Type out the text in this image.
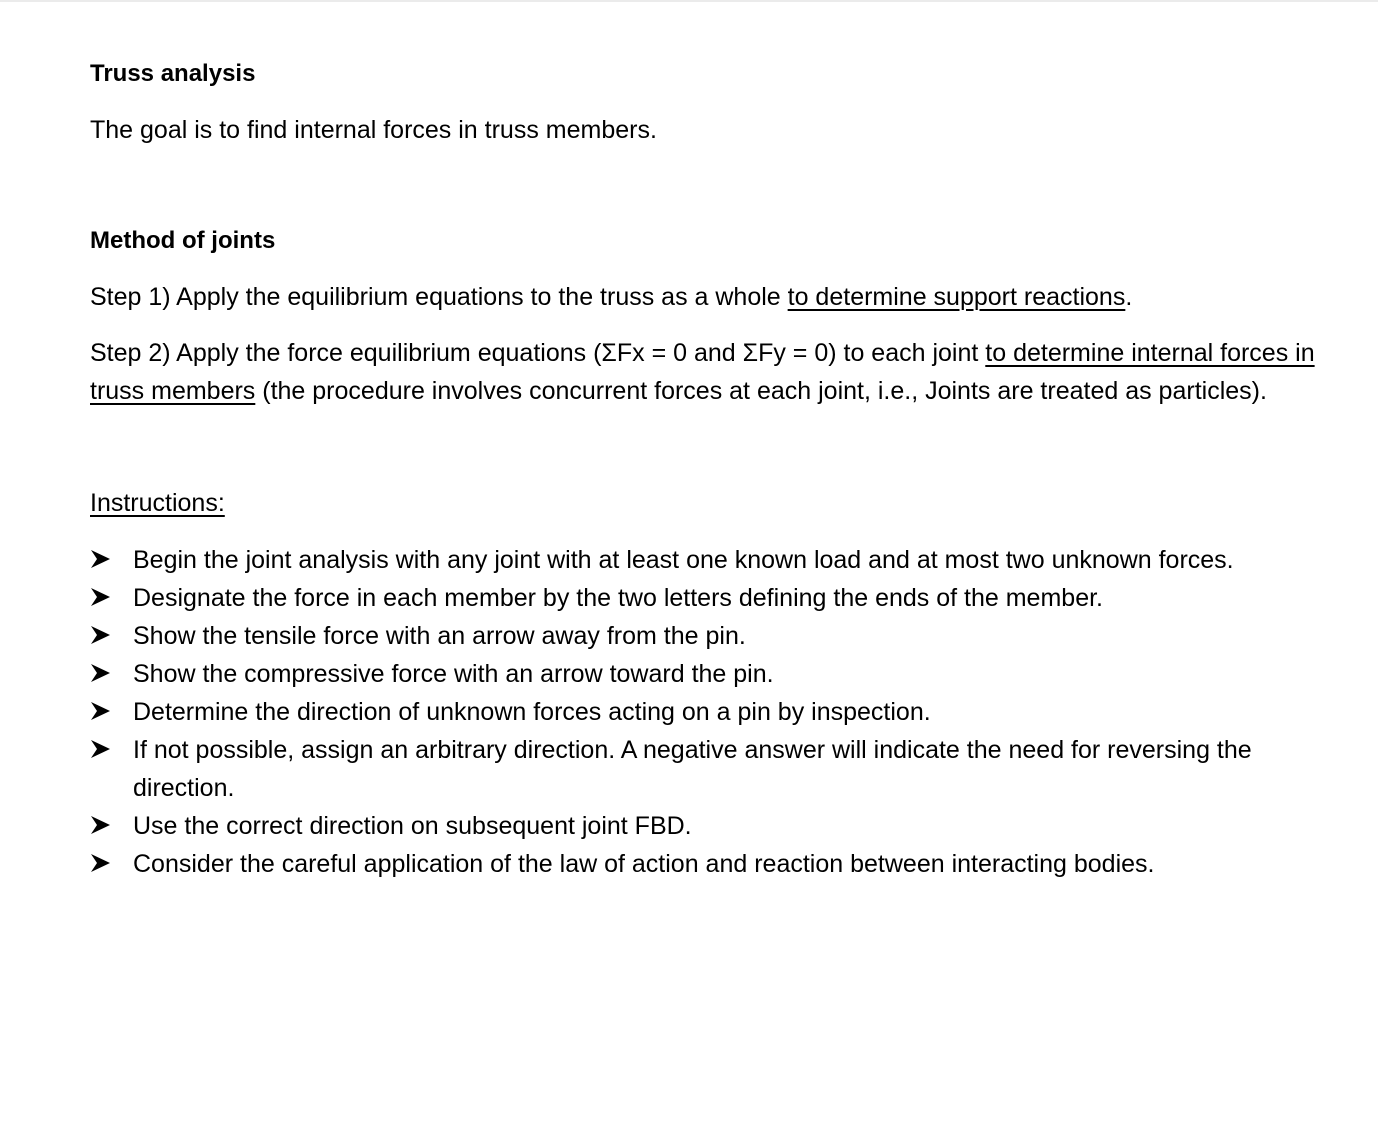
Truss analysis

The goal is to find internal forces in truss members.

Method of joints

Step 1) Apply the equilibrium equations to the truss as a whole to determine support reactions.

Step 2) Apply the force equilibrium equations (ΣFx = 0 and ΣFy = 0) to each joint to determine internal forces in truss members (the procedure involves concurrent forces at each joint, i.e., Joints are treated as particles).

Instructions:

Begin the joint analysis with any joint with at least one known load and at most two unknown forces.
Designate the force in each member by the two letters defining the ends of the member.
Show the tensile force with an arrow away from the pin.
Show the compressive force with an arrow toward the pin.
Determine the direction of unknown forces acting on a pin by inspection.
If not possible, assign an arbitrary direction. A negative answer will indicate the need for reversing the direction.
Use the correct direction on subsequent joint FBD.
Consider the careful application of the law of action and reaction between interacting bodies.
